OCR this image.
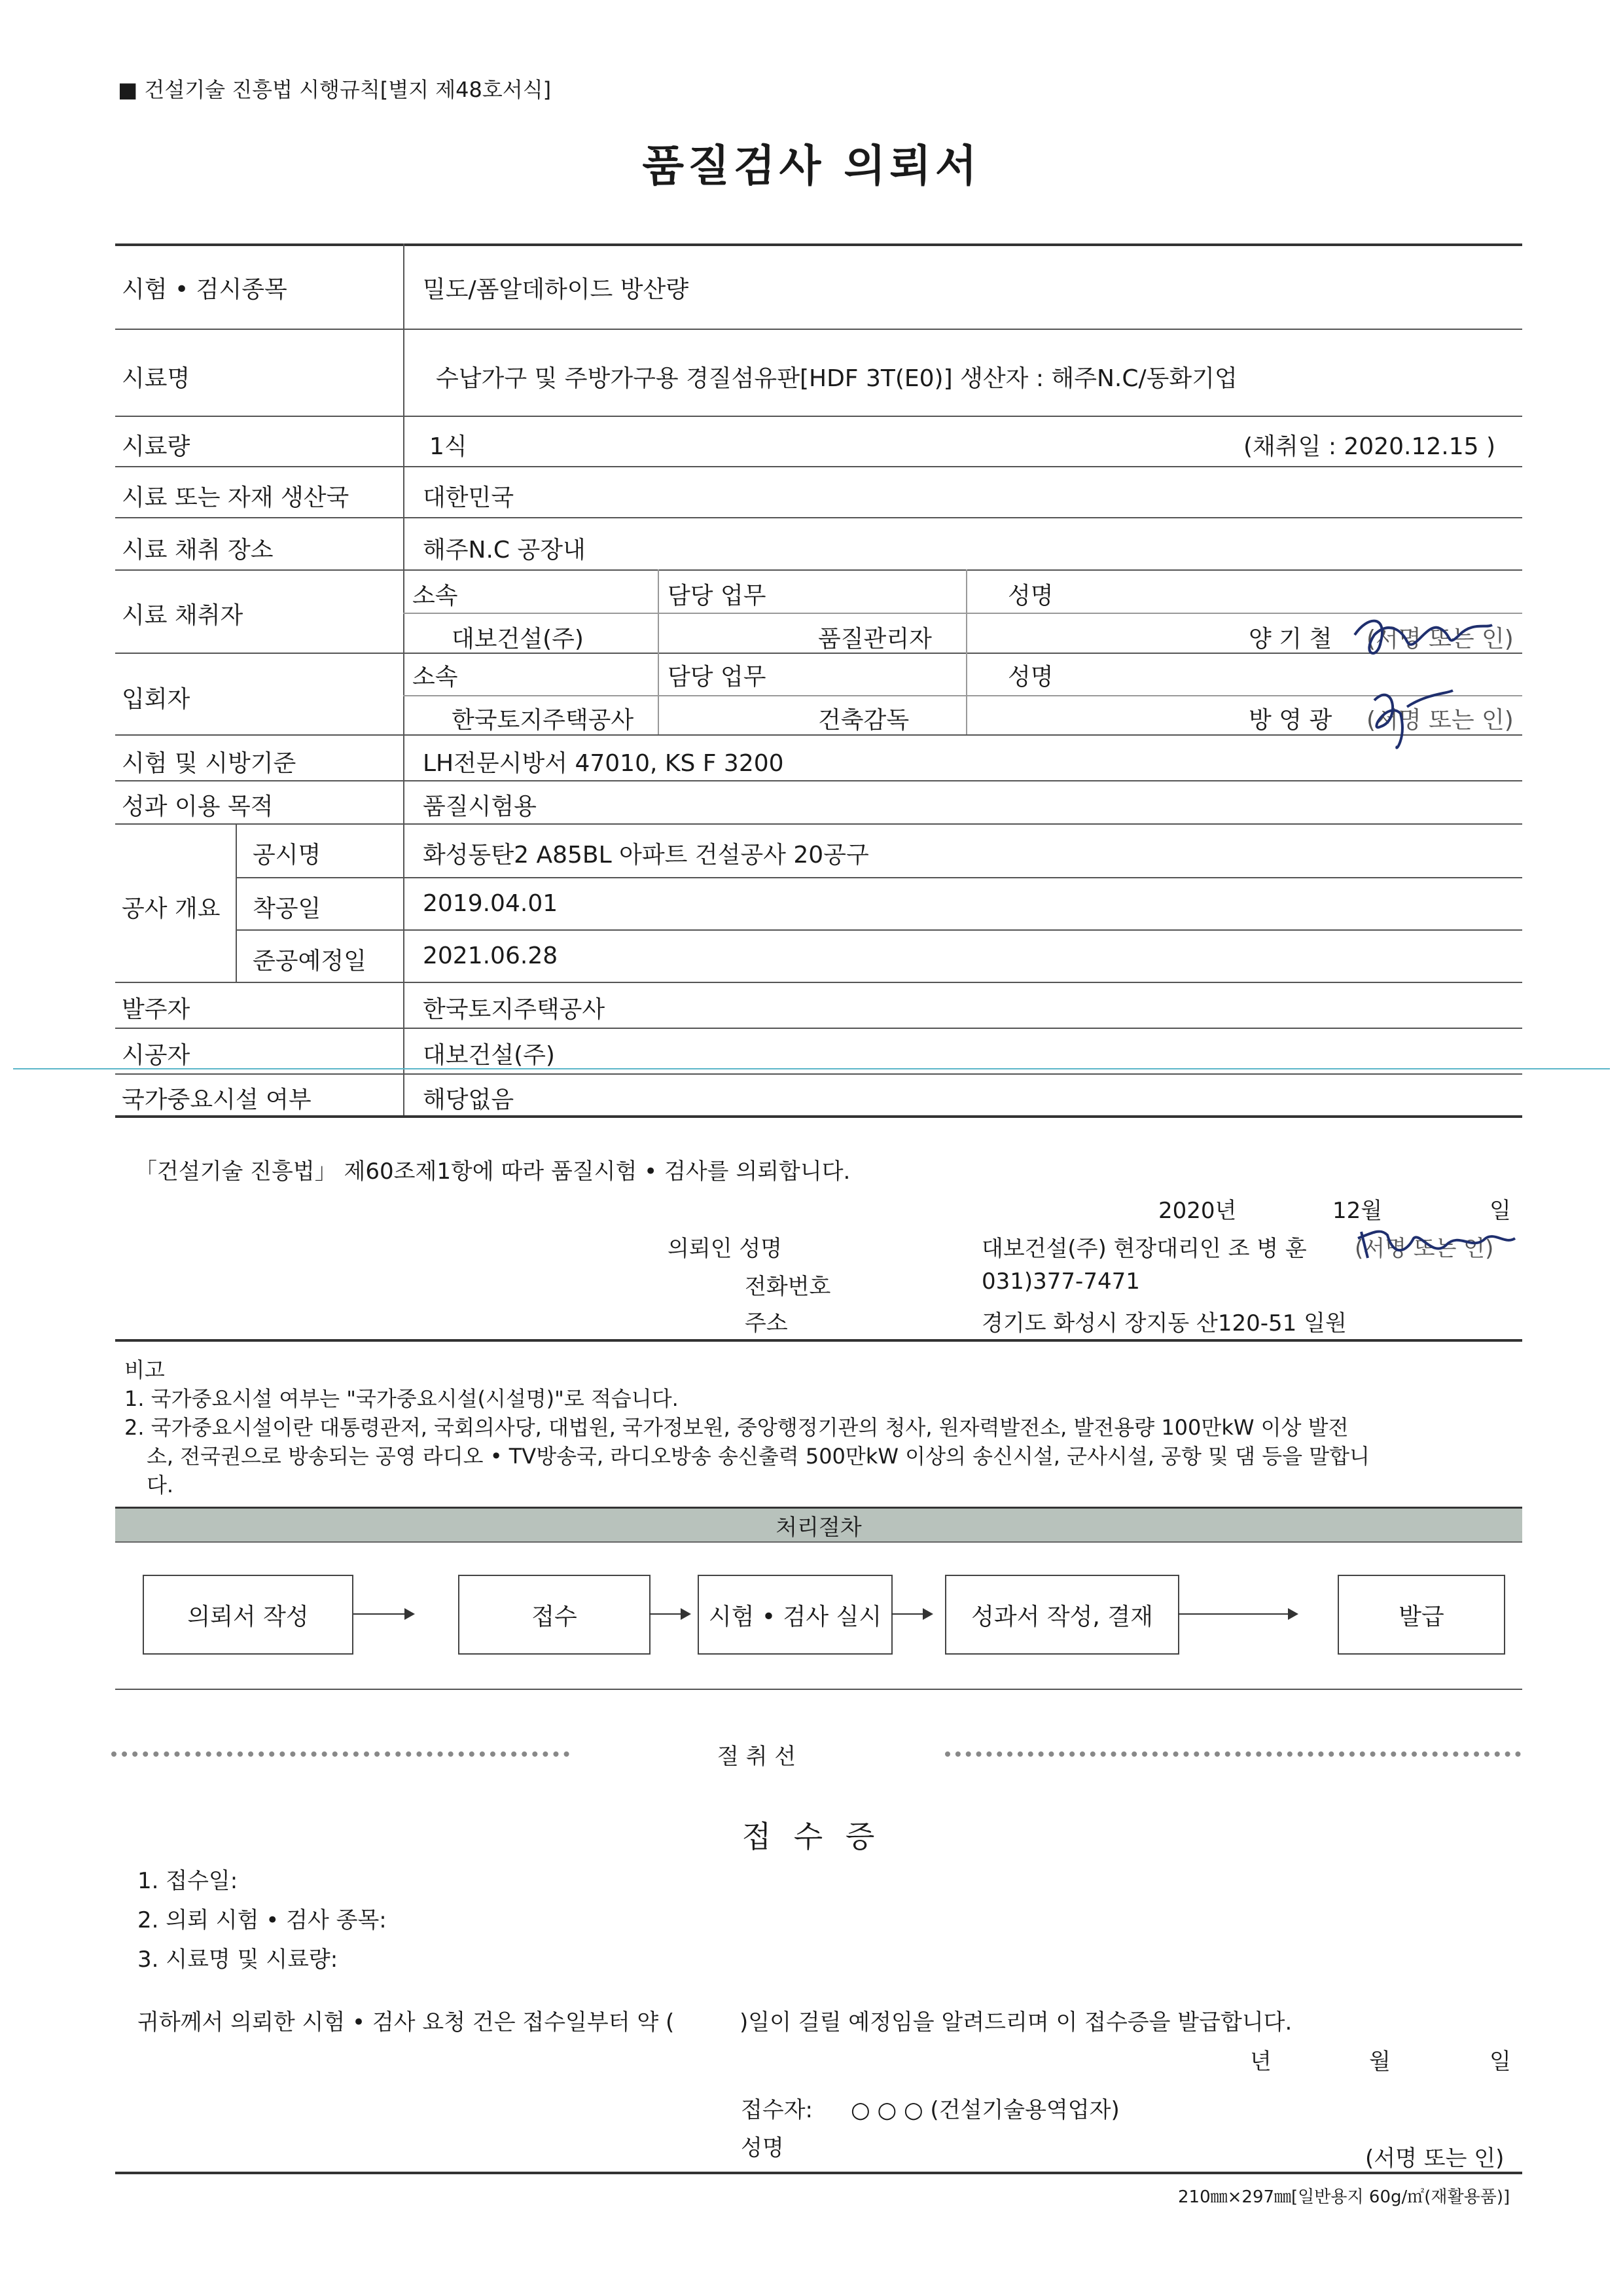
■ 건설기술 진흥법 시행규칙[별지 제48호서식]
품질검사 의뢰서
시험 • 검시종목	밀도/폼알데하이드 방산량
시료명	수납가구 및 주방가구용 경질섬유판[HDF 3T(E0)] 생산자 : 해주N.C/동화기업
시료량	1식	(채취일 : 2020.12.15 )
시료 또는 자재 생산국	대한민국
시료 채취 장소	해주N.C 공장내
시료 채취자
소속	담당 업무	성명
대보건설(주)	품질관리자	양 기 철 (서명 또는 인)
입회자
소속	담당 업무	성명
한국토지주택공사	건축감독	방 영 광 (서명 또는 인)
시험 및 시방기준	LH전문시방서 47010, KS F 3200
성과 이용 목적	품질시험용
공사 개요
공시명	화성동탄2 A85BL 아파트 건설공사 20공구
착공일	2019.04.01
준공예정일 2021.06.28
발주자	한국토지주택공사
시공자	대보건설(주)
국가중요시설 여부	해당없음
「건설기술 진흥법」 제60조제1항에 따라 품질시험 • 검사를 의뢰합니다.
2020년	12월	일
의뢰인 성명	대보건설(주) 현장대리인 조 병 훈 (서명 또는 인)
전화번호	031)377-7471
주소	경기도 화성시 장지동 산120-51 일원
비고
1. 국가중요시설 여부는 "국가중요시설(시설명)"로 적습니다.
2. 국가중요시설이란 대통령관저, 국회의사당, 대법원, 국가정보원, 중앙행정기관의 청사, 원자력발전소, 발전용량 100만kW 이상 발전
소, 전국권으로 방송되는 공영 라디오 • TV방송국, 라디오방송 송신출력 500만kW 이상의 송신시설, 군사시설, 공항 및 댐 등을 말합니
다.
처리절차
의뢰서 작성	접수	시험 • 검사 실시	성과서 작성, 결재	발급
절 취 선
접 수 증
1. 접수일:
2. 의뢰 시험 • 검사 종목:
3. 시료명 및 시료량:
귀하께서 의뢰한 시험 • 검사 요청 건은 접수일부터 약 (	)일이 걸릴 예정임을 알려드리며 이 접수증을 발급합니다.
년	월	일
접수자: ○ ○ ○ (건설기술용역업자)
성명	(서명 또는 인)
210㎜×297㎜[일반용지 60g/㎡(재활용품)]
